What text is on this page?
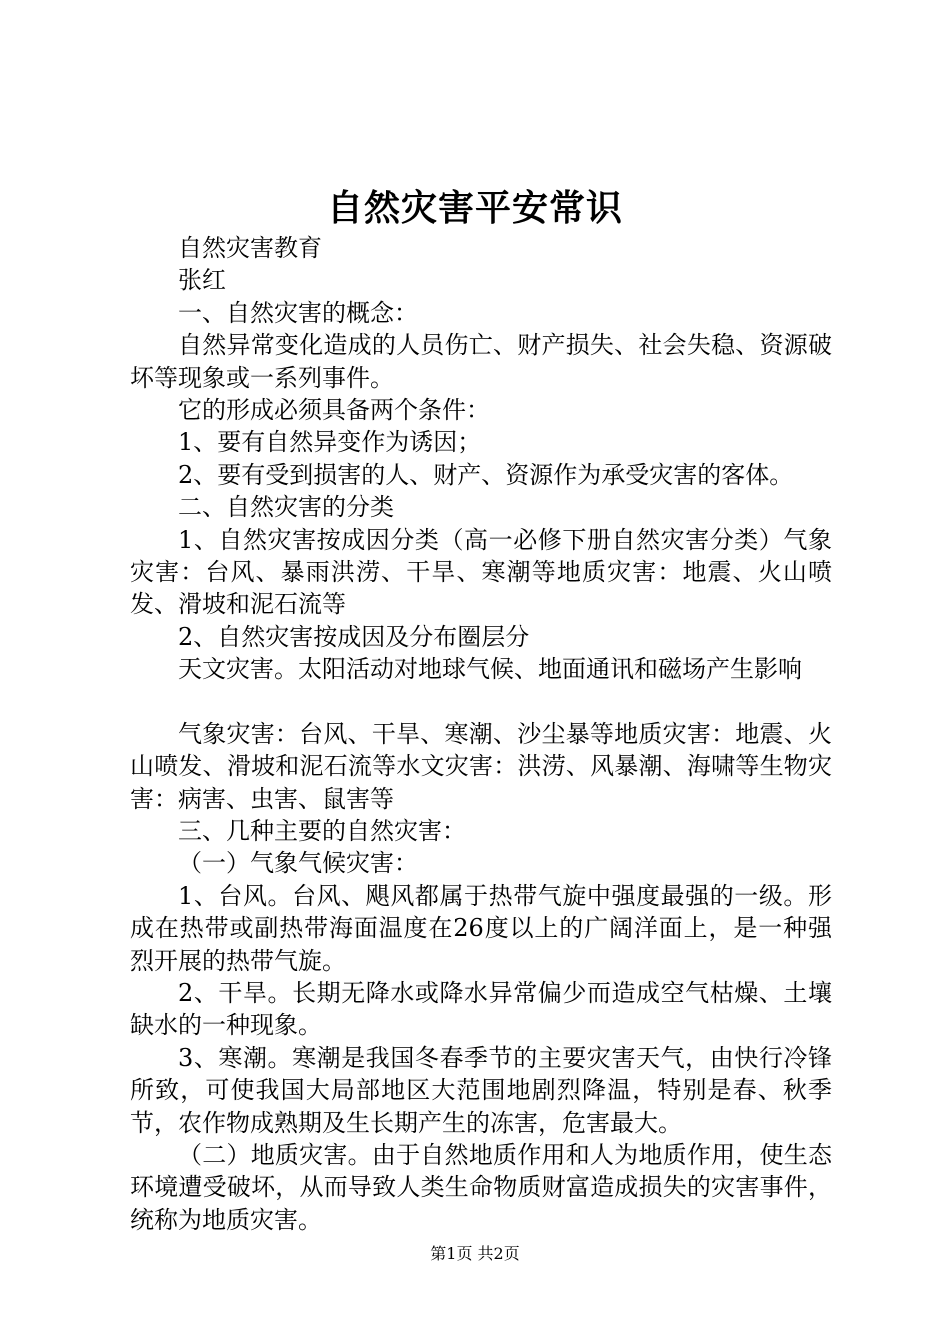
自然灾害平安常识

自然灾害教育

张红

一、自然灾害的概念：

自然异常变化造成的人员伤亡、财产损失、社会失稳、资源破坏等现象或一系列事件。

它的形成必须具备两个条件：

1、要有自然异变作为诱因；

2、要有受到损害的人、财产、资源作为承受灾害的客体。

二、自然灾害的分类

1、自然灾害按成因分类（高一必修下册自然灾害分类）气象灾害：台风、暴雨洪涝、干旱、寒潮等地质灾害：地震、火山喷发、滑坡和泥石流等

2、自然灾害按成因及分布圈层分

天文灾害。太阳活动对地球气候、地面通讯和磁场产生影响

气象灾害：台风、干旱、寒潮、沙尘暴等地质灾害：地震、火山喷发、滑坡和泥石流等水文灾害：洪涝、风暴潮、海啸等生物灾害：病害、虫害、鼠害等

三、几种主要的自然灾害：

（一）气象气候灾害：

1、台风。台风、飓风都属于热带气旋中强度最强的一级。形成在热带或副热带海面温度在26度以上的广阔洋面上，是一种强烈开展的热带气旋。

2、干旱。长期无降水或降水异常偏少而造成空气枯燥、土壤缺水的一种现象。

3、寒潮。寒潮是我国冬春季节的主要灾害天气，由快行冷锋所致，可使我国大局部地区大范围地剧烈降温，特别是春、秋季节，农作物成熟期及生长期产生的冻害，危害最大。

（二）地质灾害。由于自然地质作用和人为地质作用，使生态环境遭受破坏，从而导致人类生命物质财富造成损失的灾害事件，统称为地质灾害。

第1页 共2页
